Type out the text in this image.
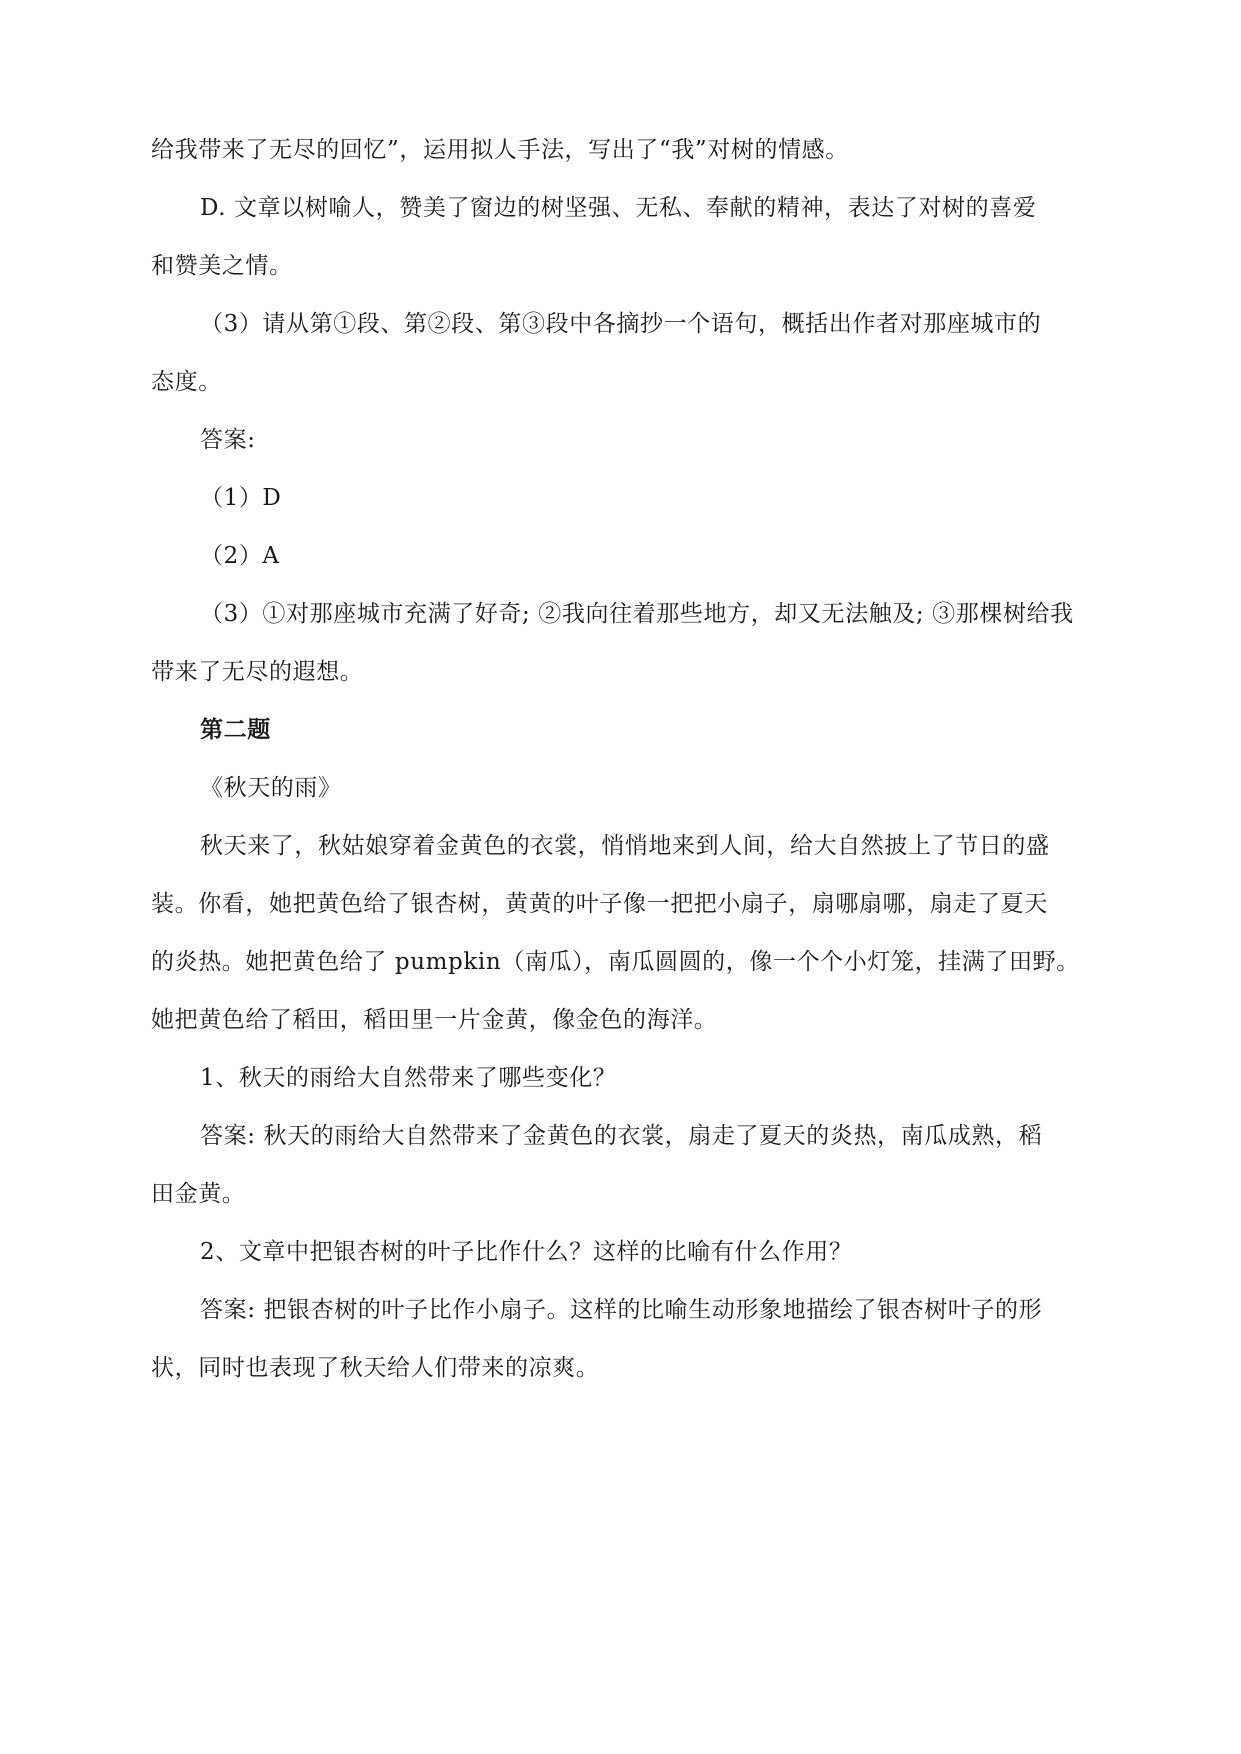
给我带来了无尽的回忆”，运用拟人手法，写出了“我”对树的情感。
D. 文章以树喻人，赞美了窗边的树坚强、无私、奉献的精神，表达了对树的喜爱
和赞美之情。
（3）请从第①段、第②段、第③段中各摘抄一个语句，概括出作者对那座城市的
态度。
答案:
（1）D
（2）A
（3）①对那座城市充满了好奇; ②我向往着那些地方，却又无法触及; ③那棵树给我
带来了无尽的遐想。
第二题
《秋天的雨》
秋天来了，秋姑娘穿着金黄色的衣裳，悄悄地来到人间，给大自然披上了节日的盛
装。你看，她把黄色给了银杏树，黄黄的叶子像一把把小扇子，扇哪扇哪，扇走了夏天
的炎热。她把黄色给了 pumpkin（南瓜），南瓜圆圆的，像一个个小灯笼，挂满了田野。
她把黄色给了稻田，稻田里一片金黄，像金色的海洋。
1、秋天的雨给大自然带来了哪些变化？
答案: 秋天的雨给大自然带来了金黄色的衣裳，扇走了夏天的炎热，南瓜成熟，稻
田金黄。
2、文章中把银杏树的叶子比作什么？这样的比喻有什么作用？
答案: 把银杏树的叶子比作小扇子。这样的比喻生动形象地描绘了银杏树叶子的形
状，同时也表现了秋天给人们带来的凉爽。
